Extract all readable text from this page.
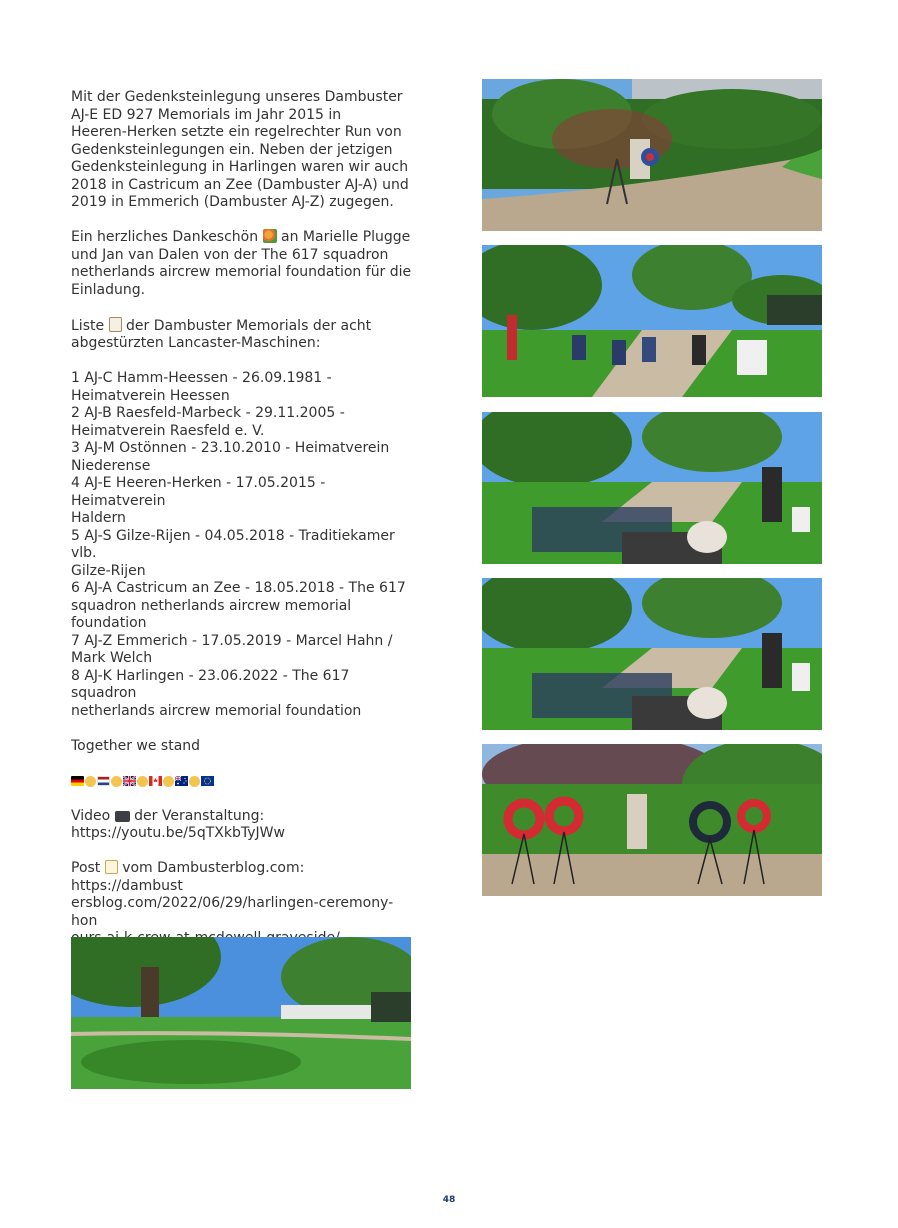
Mit der Gedenksteinlegung unseres Dambuster
AJ-E ED 927 Memorials im Jahr 2015 in
Heeren-Herken setzte ein regelrechter Run von
Gedenksteinlegungen ein. Neben der jetzigen
Gedenksteinlegung in Harlingen waren wir auch
2018 in Castricum an Zee (Dambuster AJ-A) und
2019 in Emmerich (Dambuster AJ-Z) zugegen.

Ein herzliches Dankeschön  an Marielle Plugge
und Jan van Dalen von der The 617 squadron
netherlands aircrew memorial foundation für die
Einladung.

Liste  der Dambuster Memorials der acht
abgestürzten Lancaster-Maschinen:

1 AJ-C Hamm-Heessen - 26.09.1981 -
Heimatverein Heessen
2 AJ-B Raesfeld-Marbeck - 29.11.2005 -
Heimatverein Raesfeld e. V.
3 AJ-M Ostönnen - 23.10.2010 - Heimatverein
Niederense
4 AJ-E Heeren-Herken - 17.05.2015 - Heimatverein
Haldern
5 AJ-S Gilze-Rijen - 04.05.2018 - Traditiekamer vlb.
Gilze-Rijen
6 AJ-A Castricum an Zee - 18.05.2018 - The 617
squadron netherlands aircrew memorial
foundation
7 AJ-Z Emmerich - 17.05.2019 - Marcel Hahn /
Mark Welch
8 AJ-K Harlingen - 23.06.2022 - The 617 squadron
netherlands aircrew memorial foundation

Together we stand

Video  der Veranstaltung:
https://youtu.be/5qTXkbTyJWw

Post  vom Dambusterblog.com: https://dambust
ersblog.com/2022/06/29/harlingen-ceremony-hon

48
